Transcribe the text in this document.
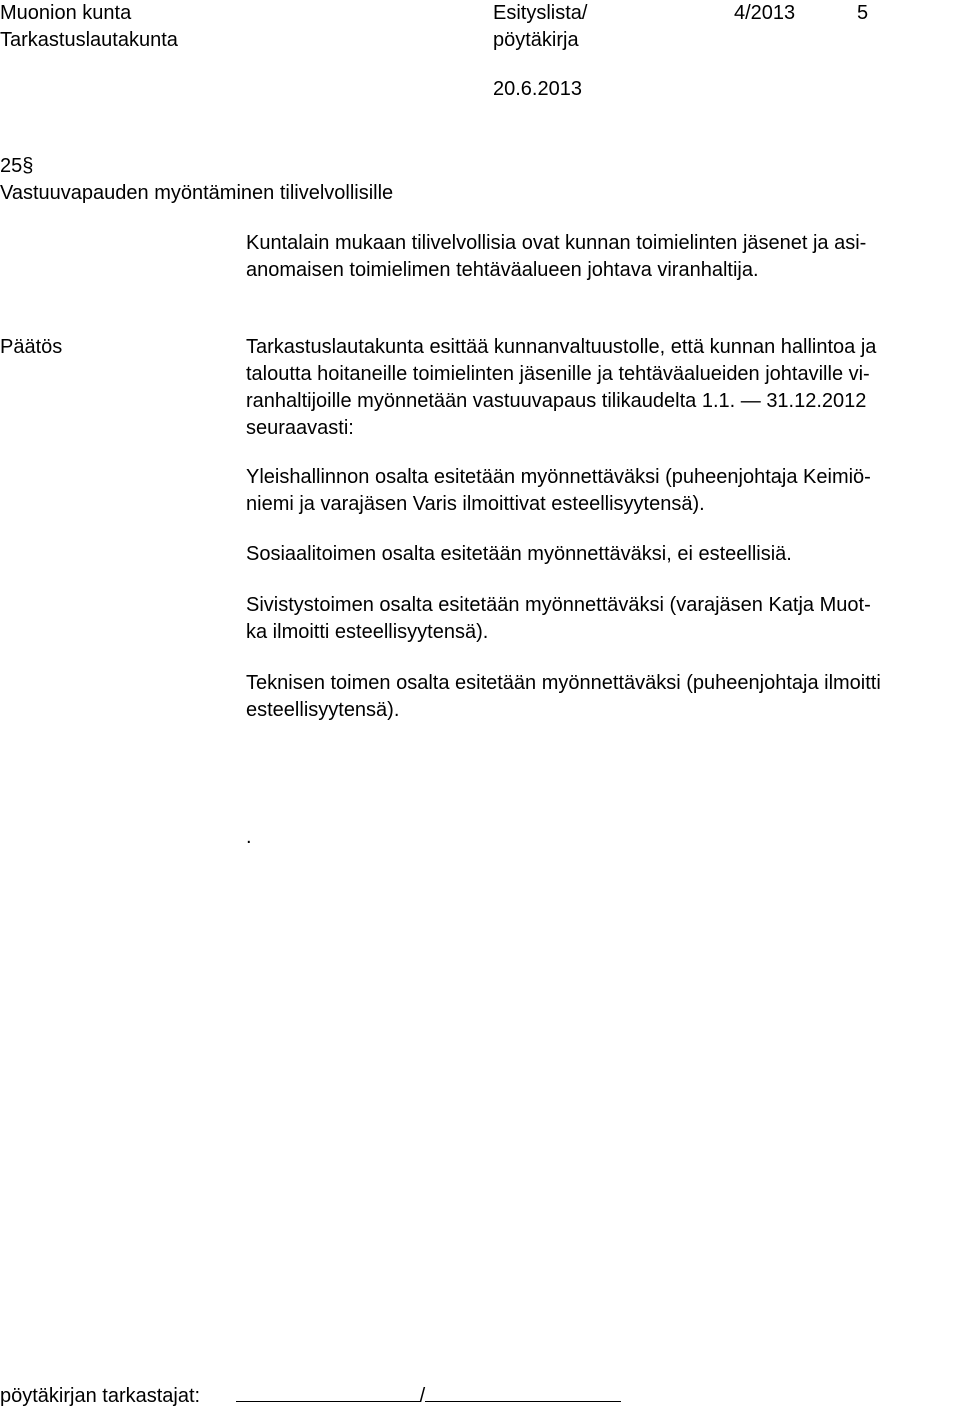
Muonion kunta
Tarkastuslautakunta
Esityslista/
pöytäkirja
4/2013	5
20.6.2013
25§
Vastuuvapauden myöntäminen tilivelvollisille
Kuntalain mukaan tilivelvollisia ovat kunnan toimielinten jäsenet ja asi-
anomaisen toimielimen tehtäväalueen johtava viranhaltija.
Päätös	Tarkastuslautakunta esittää kunnanvaltuustolle, että kunnan hallintoa ja
taloutta hoitaneille toimielinten jäsenille ja tehtäväalueiden johtaville vi-
ranhaltijoille myönnetään vastuuvapaus tilikaudelta 1.1. — 31.12.2012
seuraavasti:
Yleishallinnon osalta esitetään myönnettäväksi (puheenjohtaja Keimiö-
niemi ja varajäsen Varis ilmoittivat esteellisyytensä).
Sosiaalitoimen osalta esitetään myönnettäväksi, ei esteellisiä.
Sivistystoimen osalta esitetään myönnettäväksi (varajäsen Katja Muot-
ka ilmoitti esteellisyytensä).
Teknisen toimen osalta esitetään myönnettäväksi (puheenjohtaja ilmoitti
esteellisyytensä).
.
pöytäkirjan tarkastajat:	/
